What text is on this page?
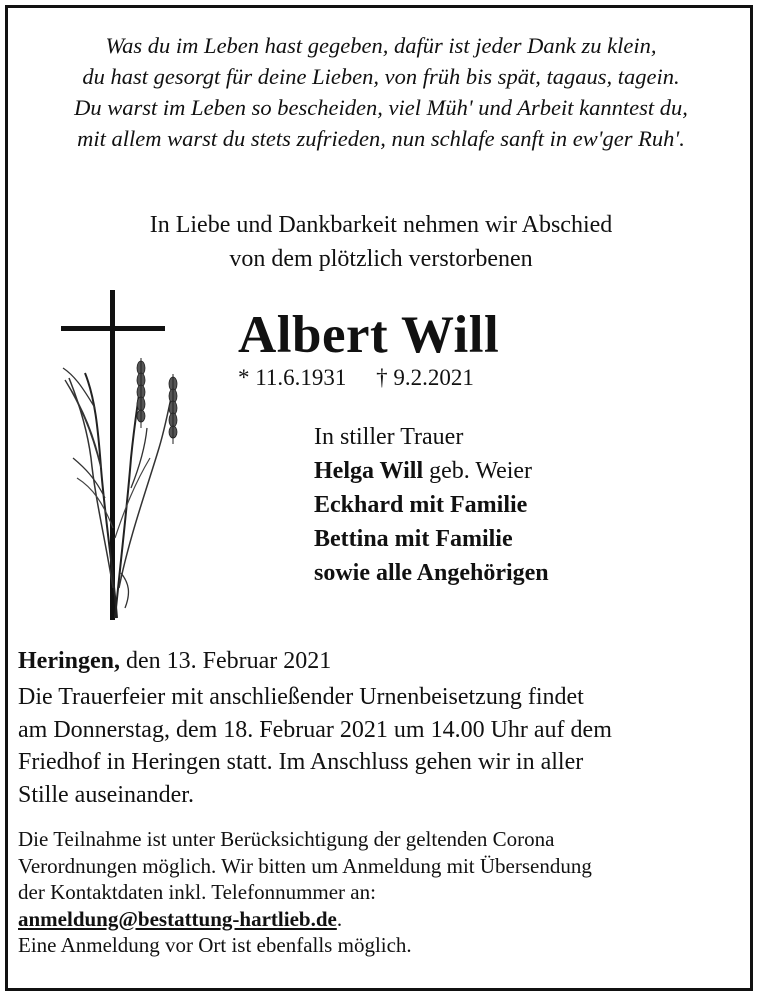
Was du im Leben hast gegeben, dafür ist jeder Dank zu klein,
du hast gesorgt für deine Lieben, von früh bis spät, tagaus, tagein.
Du warst im Leben so bescheiden, viel Müh' und Arbeit kanntest du,
mit allem warst du stets zufrieden, nun schlafe sanft in ew'ger Ruh'.
In Liebe und Dankbarkeit nehmen wir Abschied
von dem plötzlich verstorbenen
Albert Will
* 11.6.1931 † 9.2.2021
In stiller Trauer
Helga Will geb. Weier
Eckhard mit Familie
Bettina mit Familie
sowie alle Angehörigen
Heringen, den 13. Februar 2021
Die Trauerfeier mit anschließender Urnenbeisetzung findet
am Donnerstag, dem 18. Februar 2021 um 14.00 Uhr auf dem
Friedhof in Heringen statt. Im Anschluss gehen wir in aller
Stille auseinander.
Die Teilnahme ist unter Berücksichtigung der geltenden Corona
Verordnungen möglich. Wir bitten um Anmeldung mit Übersendung
der Kontaktdaten inkl. Telefonnummer an:
anmeldung@bestattung-hartlieb.de.
Eine Anmeldung vor Ort ist ebenfalls möglich.
